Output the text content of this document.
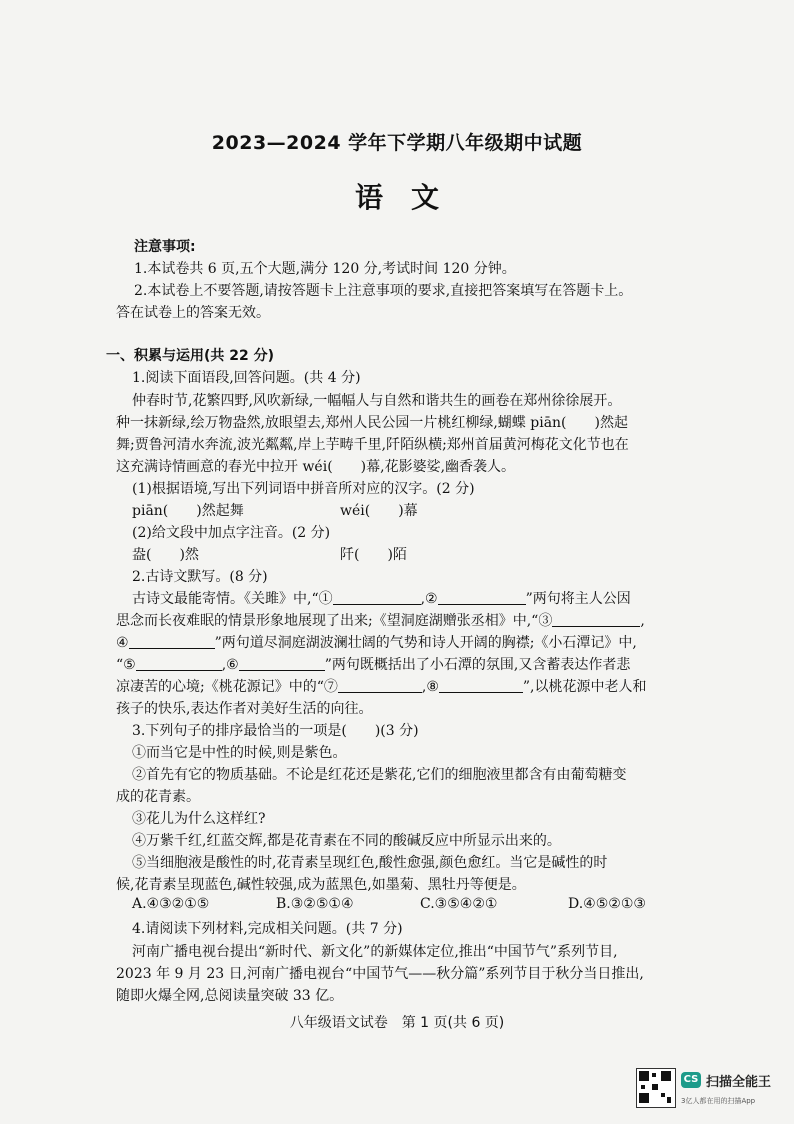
2023—2024 学年下学期八年级期中试题
语　文
注意事项:
1.本试卷共 6 页,五个大题,满分 120 分,考试时间 120 分钟。
2.本试卷上不要答题,请按答题卡上注意事项的要求,直接把答案填写在答题卡上。
答在试卷上的答案无效。
一、积累与运用(共 22 分)
1.阅读下面语段,回答问题。(共 4 分)
仲春时节,花繁四野,风吹新绿,一幅幅人与自然和谐共生的画卷在郑州徐徐展开。
种一抹新绿,绘万物盎然,放眼望去,郑州人民公园一片桃红柳绿,蝴蝶 piān(　　)然起
舞;贾鲁河清水奔流,波光粼粼,岸上芋畴千里,阡陌纵横;郑州首届黄河梅花文化节也在
这充满诗情画意的春光中拉开 wéi(　　)幕,花影婆娑,幽香袭人。
(1)根据语境,写出下列词语中拼音所对应的汉字。(2 分)
piān(　　)然起舞	wéi(　　)幕
(2)给文段中加点字注音。(2 分)
盎(　　)然	阡(　　)陌
2.古诗文默写。(8 分)
古诗文最能寄情。《关雎》中,“①	,②	”两句将主人公因
思念而长夜难眠的情景形象地展现了出来;《望洞庭湖赠张丞相》中,“③	,
④	”两句道尽洞庭湖波澜壮阔的气势和诗人开阔的胸襟;《小石潭记》中,
“⑤	,⑥	”两句既概括出了小石潭的氛围,又含蓄表达作者悲
凉凄苦的心境;《桃花源记》中的“⑦	,⑧	”,以桃花源中老人和
孩子的快乐,表达作者对美好生活的向往。
3.下列句子的排序最恰当的一项是(　　)(3 分)
①而当它是中性的时候,则是紫色。
②首先有它的物质基础。不论是红花还是紫花,它们的细胞液里都含有由葡萄糖变
成的花青素。
③花儿为什么这样红?
④万紫千红,红蓝交辉,都是花青素在不同的酸碱反应中所显示出来的。
⑤当细胞液是酸性的时,花青素呈现红色,酸性愈强,颜色愈红。当它是碱性的时
候,花青素呈现蓝色,碱性较强,成为蓝黑色,如墨菊、黑牡丹等便是。
A.④③②①⑤	B.③②⑤①④	C.③⑤④②①	D.④⑤②①③
4.请阅读下列材料,完成相关问题。(共 7 分)
河南广播电视台提出“新时代、新文化”的新媒体定位,推出“中国节气”系列节目,
2023 年 9 月 23 日,河南广播电视台“中国节气——秋分篇”系列节目于秋分当日推出,
随即火爆全网,总阅读量突破 33 亿。
八年级语文试卷　第 1 页(共 6 页)
CS 扫描全能王
3亿人都在用的扫描App
